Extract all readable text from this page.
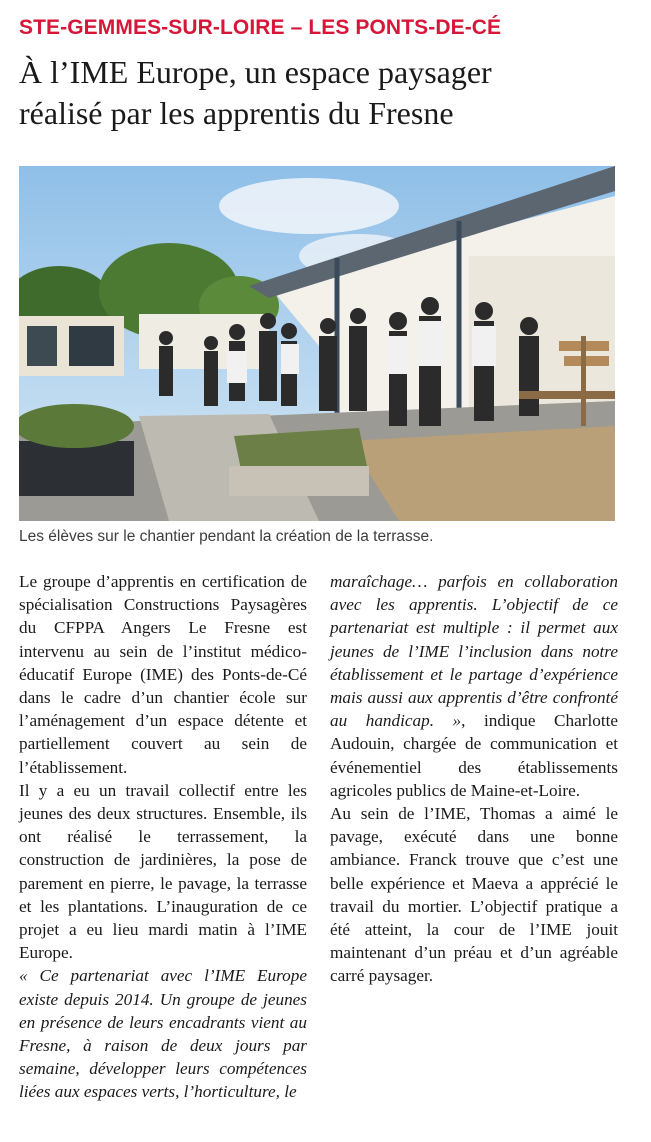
STE-GEMMES-SUR-LOIRE – LES PONTS-DE-CÉ
À l’IME Europe, un espace paysager
réalisé par les apprentis du Fresne
Les élèves sur le chantier pendant la création de la terrasse.

Le groupe d’apprentis en certification de spécialisation Constructions Paysagères du CFPPA Angers Le Fresne est intervenu au sein de l’institut médico-éducatif Europe (IME) des Ponts-de-Cé dans le cadre d’un chantier école sur l’aménagement d’un espace détente et partiellement couvert au sein de l’établissement.

Il y a eu un travail collectif entre les jeunes des deux structures. Ensemble, ils ont réalisé le terrassement, la construction de jardinières, la pose de parement en pierre, le pavage, la terrasse et les plantations. L’inauguration de ce projet a eu lieu mardi matin à l’IME Europe.

« Ce partenariat avec l’IME Europe existe depuis 2014. Un groupe de jeunes en présence de leurs encadrants vient au Fresne, à raison de deux jours par semaine, développer leurs compétences liées aux espaces verts, l’horticulture, le

maraîchage… parfois en collaboration avec les apprentis. L’objectif de ce partenariat est multiple : il permet aux jeunes de l’IME l’inclusion dans notre établissement et le partage d’expérience mais aussi aux apprentis d’être confronté au handicap. », indique Charlotte Audouin, chargée de communication et événementiel des établissements agricoles publics de Maine-et-Loire.

Au sein de l’IME, Thomas a aimé le pavage, exécuté dans une bonne ambiance. Franck trouve que c’est une belle expérience et Maeva a apprécié le travail du mortier. L’objectif pratique a été atteint, la cour de l’IME jouit maintenant d’un préau et d’un agréable carré paysager.
